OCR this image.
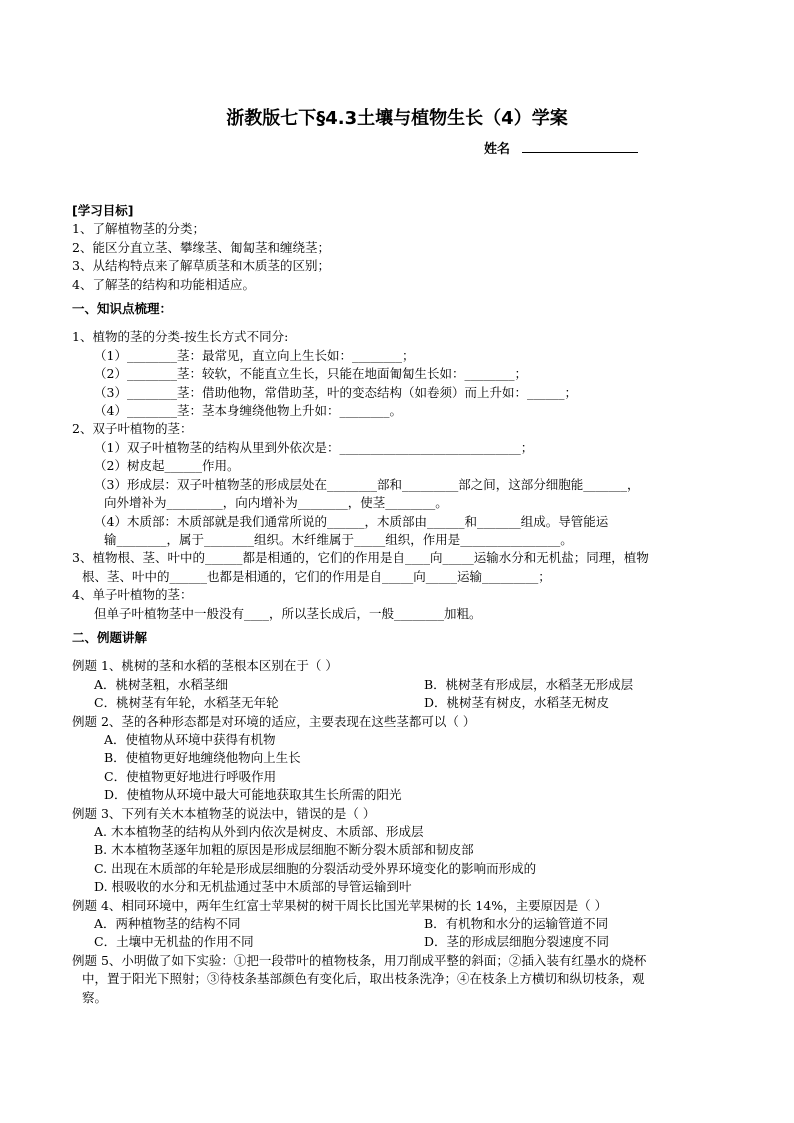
浙教版七下§4.3土壤与植物生长（4）学案
姓名
[学习目标]
1、了解植物茎的分类；
2、能区分直立茎、攀缘茎、匍匐茎和缠绕茎；
3、从结构特点来了解草质茎和木质茎的区别；
4、了解茎的结构和功能相适应。
一、知识点梳理：
1、植物的茎的分类-按生长方式不同分:
（1）________茎：最常见，直立向上生长如：________；
（2）________茎：较软，不能直立生长，只能在地面匍匐生长如：________；
（3）________茎：借助他物，常借助茎，叶的变态结构（如卷须）而上升如：______；
（4）________茎：茎本身缠绕他物上升如：________。
2、双子叶植物的茎：
（1）双子叶植物茎的结构从里到外依次是：_____________________________；
（2）树皮起______作用。
（3）形成层：双子叶植物茎的形成层处在________部和_________部之间，这部分细胞能_______，
向外增补为_________，向内增补为________，使茎________。
（4）木质部：木质部就是我们通常所说的______，木质部由______和_______组成。导管能运
输________，属于________组织。木纤维属于_____组织，作用是________________。
3、植物根、茎、叶中的______都是相通的，它们的作用是自____向_____运输水分和无机盐；同理，植物
根、茎、叶中的______也都是相通的，它们的作用是自_____向_____运输_________；
4、单子叶植物的茎：
但单子叶植物茎中一般没有____，所以茎长成后，一般________加粗。
二、例题讲解
例题 1、桃树的茎和水稻的茎根本区别在于（ ）
A．桃树茎粗，水稻茎细	B．桃树茎有形成层，水稻茎无形成层
C．桃树茎有年轮，水稻茎无年轮	D．桃树茎有树皮，水稻茎无树皮
例题 2、茎的各种形态都是对环境的适应，主要表现在这些茎都可以（ ）
A．使植物从环境中获得有机物
B．使植物更好地缠绕他物向上生长
C．使植物更好地进行呼吸作用
D．使植物从环境中最大可能地获取其生长所需的阳光
例题 3、下列有关木本植物茎的说法中，错误的是（ ）
A. 木本植物茎的结构从外到内依次是树皮、木质部、形成层
B. 木本植物茎逐年加粗的原因是形成层细胞不断分裂木质部和韧皮部
C. 出现在木质部的年轮是形成层细胞的分裂活动受外界环境变化的影响而形成的
D. 根吸收的水分和无机盐通过茎中木质部的导管运输到叶
例题 4、相同环境中，两年生红富士苹果树的树干周长比国光苹果树的长 14%，主要原因是（ ）
A．两种植物茎的结构不同	B．有机物和水分的运输管道不同
C．土壤中无机盐的作用不同	D．茎的形成层细胞分裂速度不同
例题 5、小明做了如下实验：①把一段带叶的植物枝条，用刀削成平整的斜面；②插入装有红墨水的烧杯
中，置于阳光下照射；③待枝条基部颜色有变化后，取出枝条洗净；④在枝条上方横切和纵切枝条，观
察。
